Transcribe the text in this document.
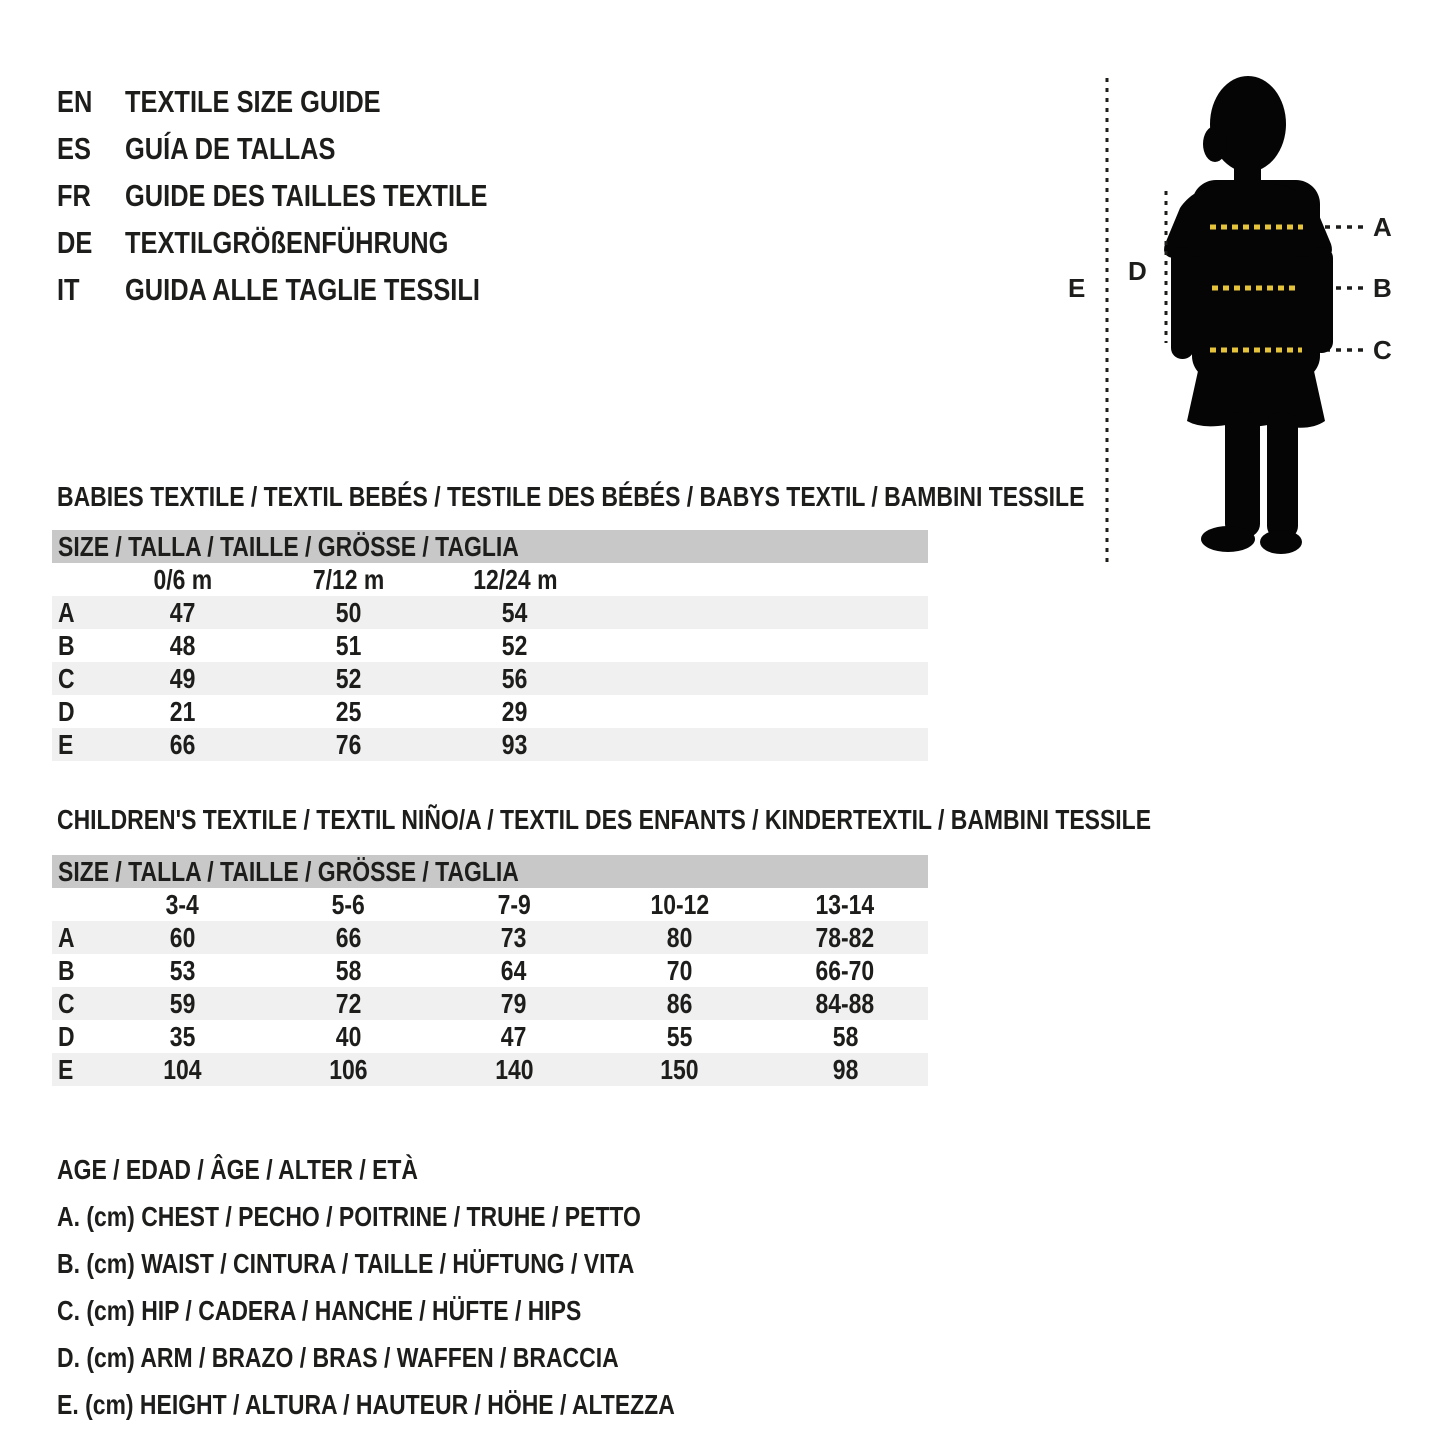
EN	TEXTILE SIZE GUIDE
ES	GUÍA DE TALLAS
FR	GUIDE DES TAILLES TEXTILE
DE	TEXTILGRÖßENFÜHRUNG
IT	GUIDA ALLE TAGLIE TESSILI	E
D
A
B
C
BABIES TEXTILE / TEXTIL BEBÉS / TESTILE DES BÉBÉS / BABYS TEXTIL / BAMBINI TESSILE
SIZE / TALLA / TAILLE / GRÖSSE / TAGLIA
0/6 m	7/12 m	12/24 m
A	47	50	54
B	48	51	52
C	49	52	56
D	21	25	29
E	66	76	93
CHILDREN'S TEXTILE / TEXTIL NIÑO/A / TEXTIL DES ENFANTS / KINDERTEXTIL / BAMBINI TESSILE
SIZE / TALLA / TAILLE / GRÖSSE / TAGLIA
3-4	5-6	7-9	10-12	13-14
A	60	66	73	80	78-82
B	53	58	64	70	66-70
C	59	72	79	86	84-88
D	35	40	47	55	58
E	104	106	140	150	98
AGE / EDAD / ÂGE / ALTER / ETÀ
A. (cm) CHEST / PECHO / POITRINE / TRUHE / PETTO
B. (cm) WAIST / CINTURA / TAILLE / HÜFTUNG / VITA
C. (cm) HIP / CADERA / HANCHE / HÜFTE / HIPS
D. (cm) ARM / BRAZO / BRAS / WAFFEN / BRACCIA
E. (cm) HEIGHT / ALTURA / HAUTEUR / HÖHE / ALTEZZA
